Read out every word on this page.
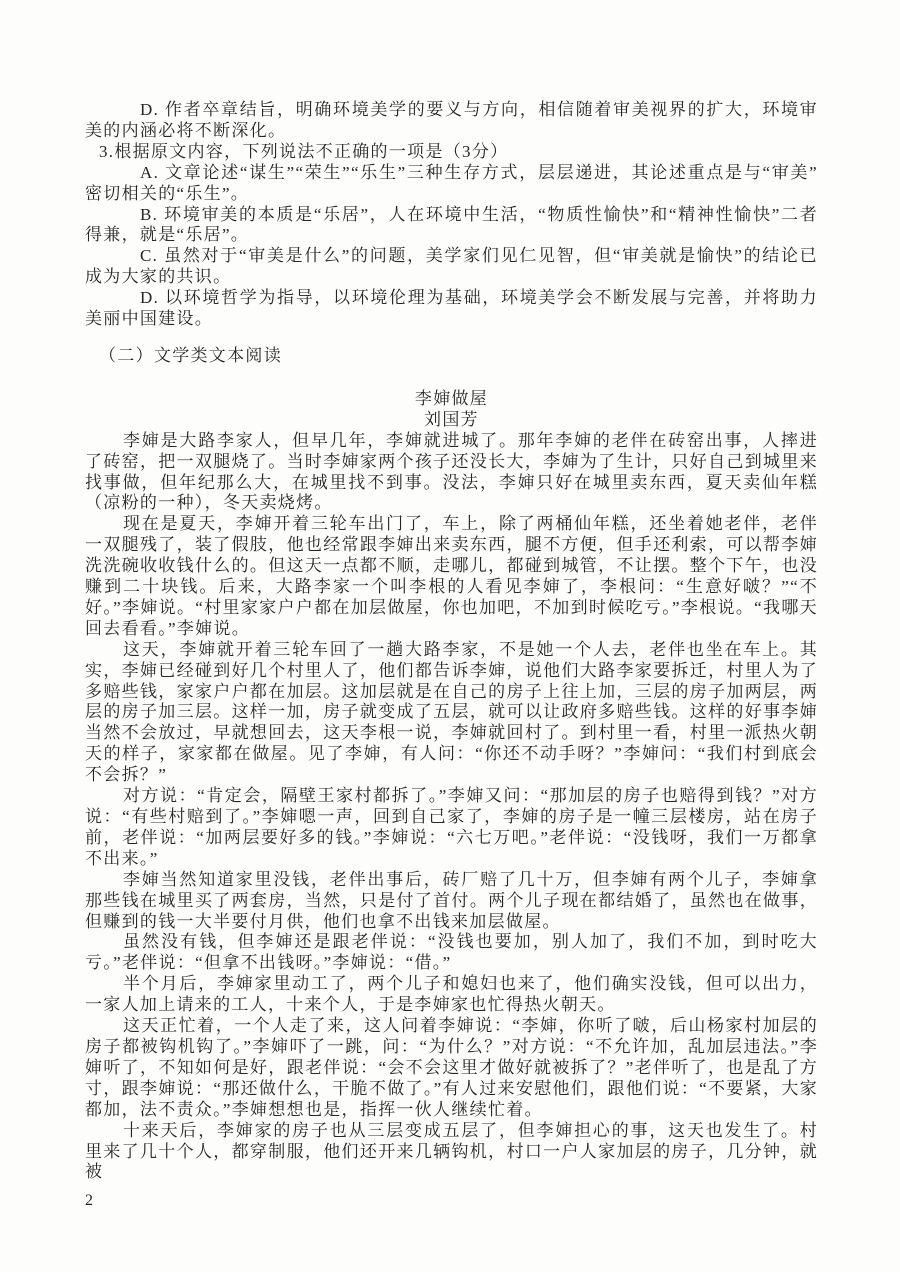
D. 作者卒章结旨，明确环境美学的要义与方向，相信随着审美视界的扩大，环境审美的内涵必将不断深化。

3.根据原文内容，下列说法不正确的一项是（3分）

A. 文章论述“谋生”“荣生”“乐生”三种生存方式，层层递进，其论述重点是与“审美”密切相关的“乐生”。

B. 环境审美的本质是“乐居”，人在环境中生活，“物质性愉快”和“精神性愉快”二者得兼，就是“乐居”。

C. 虽然对于“审美是什么”的问题，美学家们见仁见智，但“审美就是愉快”的结论已成为大家的共识。

D. 以环境哲学为指导，以环境伦理为基础，环境美学会不断发展与完善，并将助力美丽中国建设。

（二）文学类文本阅读

李婶做屋

刘国芳

李婶是大路李家人，但早几年，李婶就进城了。那年李婶的老伴在砖窑出事，人摔进了砖窑，把一双腿烧了。当时李婶家两个孩子还没长大，李婶为了生计，只好自己到城里来找事做，但年纪那么大，在城里找不到事。没法，李婶只好在城里卖东西，夏天卖仙年糕（凉粉的一种），冬天卖烧烤。

现在是夏天，李婶开着三轮车出门了，车上，除了两桶仙年糕，还坐着她老伴，老伴一双腿残了，装了假肢，他也经常跟李婶出来卖东西，腿不方便，但手还利索，可以帮李婶洗洗碗收收钱什么的。但这天一点都不顺，走哪儿，都碰到城管，不让摆。整个下午，也没赚到二十块钱。后来，大路李家一个叫李根的人看见李婶了，李根问：“生意好啵？”“不好。”李婶说。“村里家家户户都在加层做屋，你也加吧，不加到时候吃亏。”李根说。“我哪天回去看看。”李婶说。

这天，李婶就开着三轮车回了一趟大路李家，不是她一个人去，老伴也坐在车上。其实，李婶已经碰到好几个村里人了，他们都告诉李婶，说他们大路李家要拆迁，村里人为了多赔些钱，家家户户都在加层。这加层就是在自己的房子上往上加，三层的房子加两层，两层的房子加三层。这样一加，房子就变成了五层，就可以让政府多赔些钱。这样的好事李婶当然不会放过，早就想回去，这天李根一说，李婶就回村了。到村里一看，村里一派热火朝天的样子，家家都在做屋。见了李婶，有人问：“你还不动手呀？”李婶问：“我们村到底会不会拆？”

对方说：“肯定会，隔壁王家村都拆了。”李婶又问：“那加层的房子也赔得到钱？”对方说：“有些村赔到了。”李婶嗯一声，回到自己家了，李婶的房子是一幢三层楼房，站在房子前，老伴说：“加两层要好多的钱。”李婶说：“六七万吧。”老伴说：“没钱呀，我们一万都拿不出来。”

李婶当然知道家里没钱，老伴出事后，砖厂赔了几十万，但李婶有两个儿子，李婶拿那些钱在城里买了两套房，当然，只是付了首付。两个儿子现在都结婚了，虽然也在做事，但赚到的钱一大半要付月供，他们也拿不出钱来加层做屋。

虽然没有钱，但李婶还是跟老伴说：“没钱也要加，别人加了，我们不加，到时吃大亏。”老伴说：“但拿不出钱呀。”李婶说：“借。”

半个月后，李婶家里动工了，两个儿子和媳妇也来了，他们确实没钱，但可以出力，一家人加上请来的工人，十来个人，于是李婶家也忙得热火朝天。

这天正忙着，一个人走了来，这人问着李婶说：“李婶，你听了啵，后山杨家村加层的房子都被钩机钩了。”李婶吓了一跳，问：“为什么？”对方说：“不允许加，乱加层违法。”李婶听了，不知如何是好，跟老伴说：“会不会这里才做好就被拆了？”老伴听了，也是乱了方寸，跟李婶说：“那还做什么，干脆不做了。”有人过来安慰他们，跟他们说：“不要紧，大家都加，法不责众。”李婶想想也是，指挥一伙人继续忙着。

十来天后，李婶家的房子也从三层变成五层了，但李婶担心的事，这天也发生了。村里来了几十个人，都穿制服，他们还开来几辆钩机，村口一户人家加层的房子，几分钟，就被

2
